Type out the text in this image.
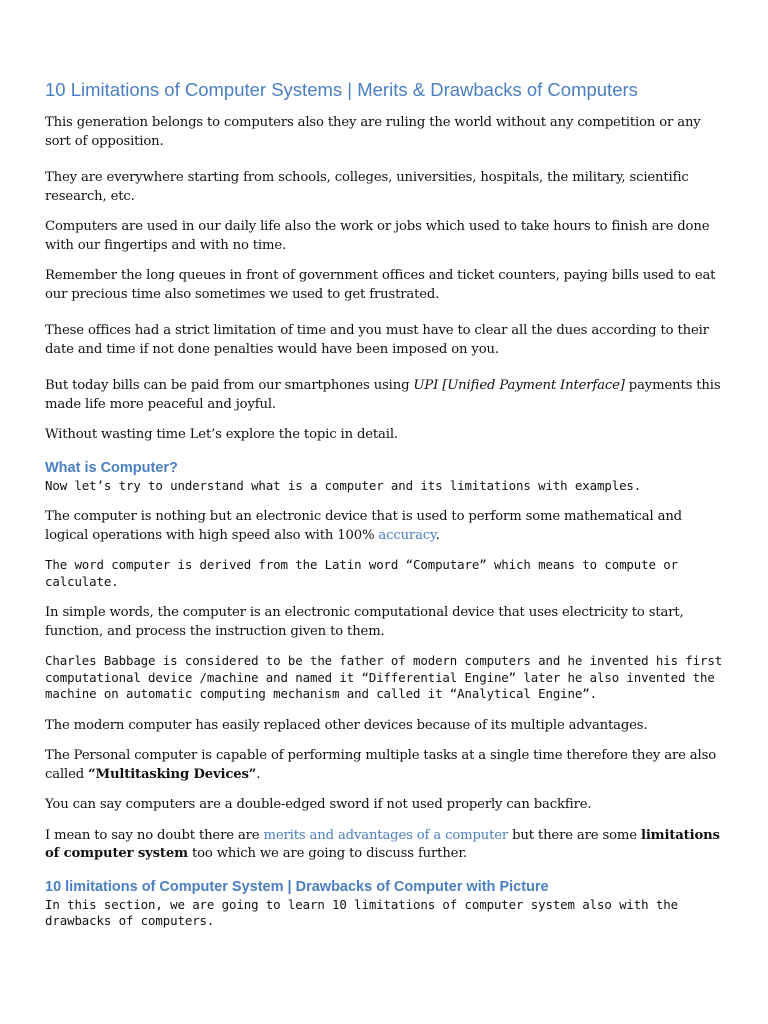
10 Limitations of Computer Systems | Merits & Drawbacks of Computers

This generation belongs to computers also they are ruling the world without any competition or any sort of opposition.

They are everywhere starting from schools, colleges, universities, hospitals, the military, scientific research, etc.

Computers are used in our daily life also the work or jobs which used to take hours to finish are done with our fingertips and with no time.

Remember the long queues in front of government offices and ticket counters, paying bills used to eat our precious time also sometimes we used to get frustrated.

These offices had a strict limitation of time and you must have to clear all the dues according to their date and time if not done penalties would have been imposed on you.

But today bills can be paid from our smartphones using UPI [Unified Payment Interface] payments this made life more peaceful and joyful.

Without wasting time Let’s explore the topic in detail.

What is Computer?

Now let’s try to understand what is a computer and its limitations with examples.

The computer is nothing but an electronic device that is used to perform some mathematical and logical operations with high speed also with 100% accuracy.

The word computer is derived from the Latin word “Computare” which means to compute or calculate.

In simple words, the computer is an electronic computational device that uses electricity to start, function, and process the instruction given to them.

Charles Babbage is considered to be the father of modern computers and he invented his first computational device /machine and named it “Differential Engine” later he also invented the machine on automatic computing mechanism and called it “Analytical Engine”.

The modern computer has easily replaced other devices because of its multiple advantages.

The Personal computer is capable of performing multiple tasks at a single time therefore they are also called “Multitasking Devices”.

You can say computers are a double-edged sword if not used properly can backfire.

I mean to say no doubt there are merits and advantages of a computer but there are some limitations of computer system too which we are going to discuss further.

10 limitations of Computer System | Drawbacks of Computer with Picture

In this section, we are going to learn 10 limitations of computer system also with the drawbacks of computers.
